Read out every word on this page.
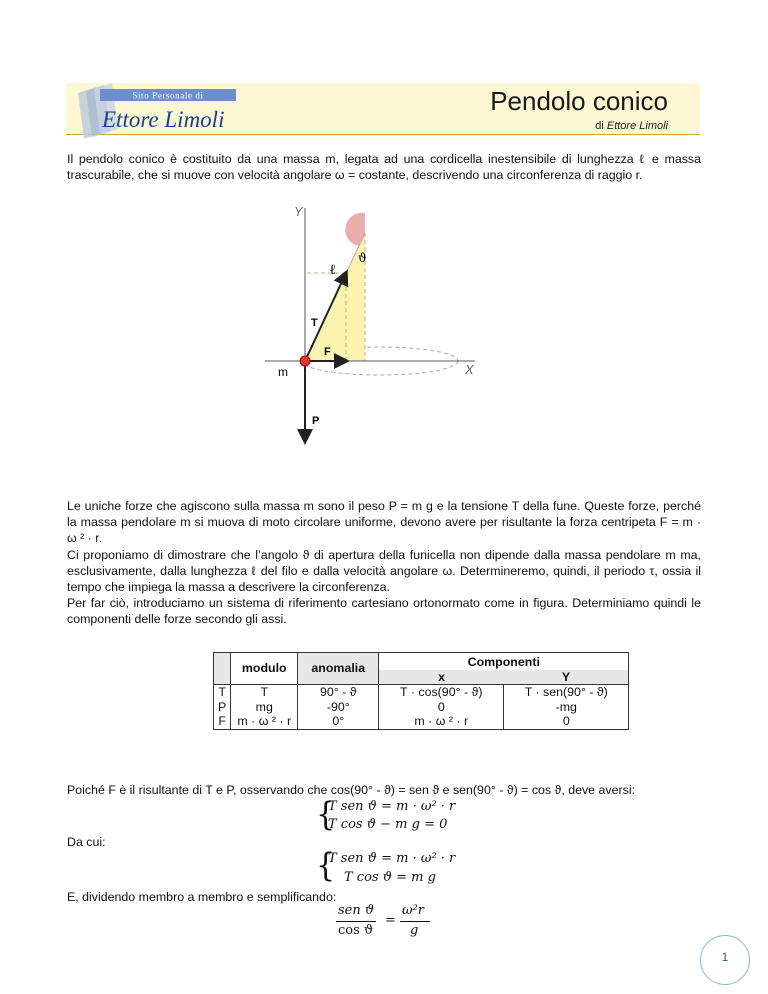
Sito Personale di
Ettore Limoli
Pendolo conico
di Ettore Limoli
Il pendolo conico è costituito da una massa m, legata ad una cordicella inestensibile di lunghezza ℓ e massa trascurabile, che si muove con velocità angolare ω = costante, descrivendo una circonferenza di raggio r.
Y
X
ℓ
ϑ
T
F
m
P

Le uniche forze che agiscono sulla massa m sono il peso P = m g e la tensione T della fune. Queste forze, perché la massa pendolare m si muova di moto circolare uniforme, devono avere per risultante la forza centripeta F = m · ω ² · r.

Ci proponiamo di dimostrare che l’angolo ϑ di apertura della funicella non dipende dalla massa pendolare m ma, esclusivamente, dalla lunghezza ℓ del filo e dalla velocità angolare ω. Determineremo, quindi, il periodo τ, ossia il tempo che impiega la massa a descrivere la circonferenza.

Per far ciò, introduciamo un sistema di riferimento cartesiano ortonormato come in figura. Determiniamo quindi le componenti delle forze secondo gli assi.

	modulo	anomalia	Componenti	
			x	Y
T	T	90° - ϑ	T · cos(90° - ϑ)	T · sen(90° - ϑ)
P	mg	-90°	0	-mg
F	m · ω ² · r	0°	m · ω ² · r	0
Poiché F è il risultante di T e P, osservando che cos(90° - ϑ) = sen ϑ e sen(90° - ϑ) = cos ϑ, deve aversi:
{
T sen ϑ = m · ω² · r
T cos ϑ − m g = 0
Da cui:
{
T sen ϑ = m · ω² · r
T cos ϑ = m g
E, dividendo membro a membro e semplificando:
sen ϑ
cos ϑ
=
ω²r
g
1
